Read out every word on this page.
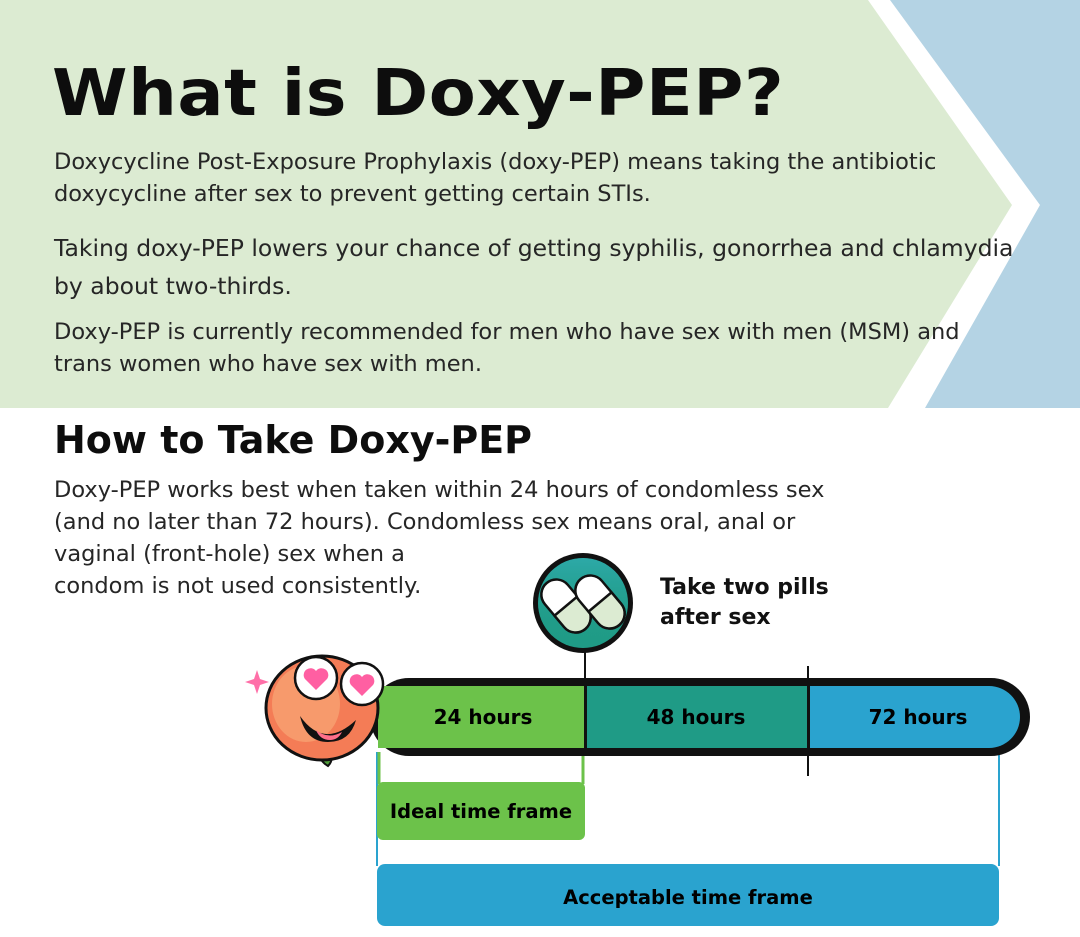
What is Doxy-PEP?

Doxycycline Post-Exposure Prophylaxis (doxy-PEP) means taking the antibiotic doxycycline after sex to prevent getting certain STIs.

Taking doxy-PEP lowers your chance of getting syphilis, gonorrhea and chlamydia by about two-thirds.

Doxy-PEP is currently recommended for men who have sex with men (MSM) and trans women who have sex with men.

How to Take Doxy-PEP
Doxy-PEP works best when taken within 24 hours of condomless sex
(and no later than 72 hours). Condomless sex means oral, anal or
vaginal (front-hole) sex when a
condom is not used consistently.
24 hours	48 hours	72 hours
Ideal time frame
Acceptable time frame
Take two pills
after sex
